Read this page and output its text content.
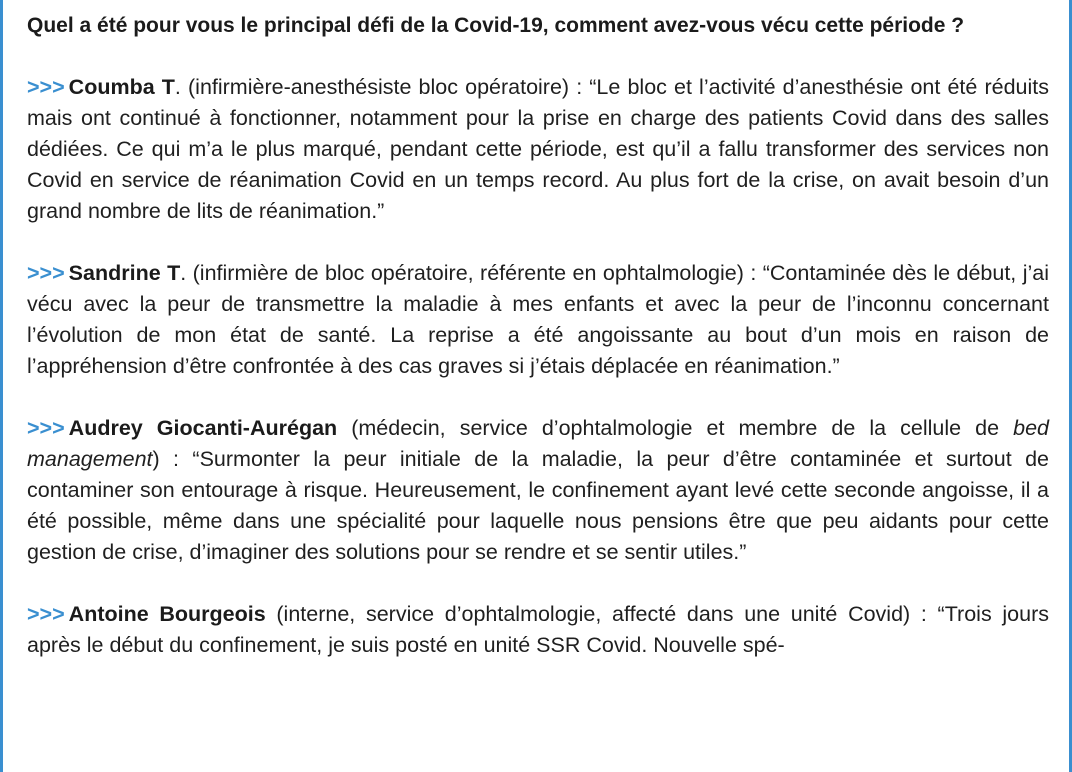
Quel a été pour vous le principal défi de la Covid-19, comment avez-vous vécu cette période ?

>>> Coumba T. (infirmière-anesthésiste bloc opératoire) : “Le bloc et l’activité d’anesthésie ont été réduits mais ont continué à fonctionner, notamment pour la prise en charge des patients Covid dans des salles dédiées. Ce qui m’a le plus marqué, pendant cette période, est qu’il a fallu transformer des services non Covid en service de réanimation Covid en un temps record. Au plus fort de la crise, on avait besoin d’un grand nombre de lits de réanimation.”

>>> Sandrine T. (infirmière de bloc opératoire, référente en ophtalmologie) : “Contaminée dès le début, j’ai vécu avec la peur de transmettre la maladie à mes enfants et avec la peur de l’inconnu concernant l’évolution de mon état de santé. La reprise a été angoissante au bout d’un mois en raison de l’appréhension d’être confrontée à des cas graves si j’étais déplacée en réanimation.”

>>> Audrey Giocanti-Aurégan (médecin, service d’ophtalmologie et membre de la cellule de bed management) : “Surmonter la peur initiale de la maladie, la peur d’être contaminée et surtout de contaminer son entourage à risque. Heureusement, le confinement ayant levé cette seconde angoisse, il a été possible, même dans une spécialité pour laquelle nous pensions être que peu aidants pour cette gestion de crise, d’imaginer des solutions pour se rendre et se sentir utiles.”

>>> Antoine Bourgeois (interne, service d’ophtalmologie, affecté dans une unité Covid) : “Trois jours après le début du confinement, je suis posté en unité SSR Covid. Nouvelle spé-
